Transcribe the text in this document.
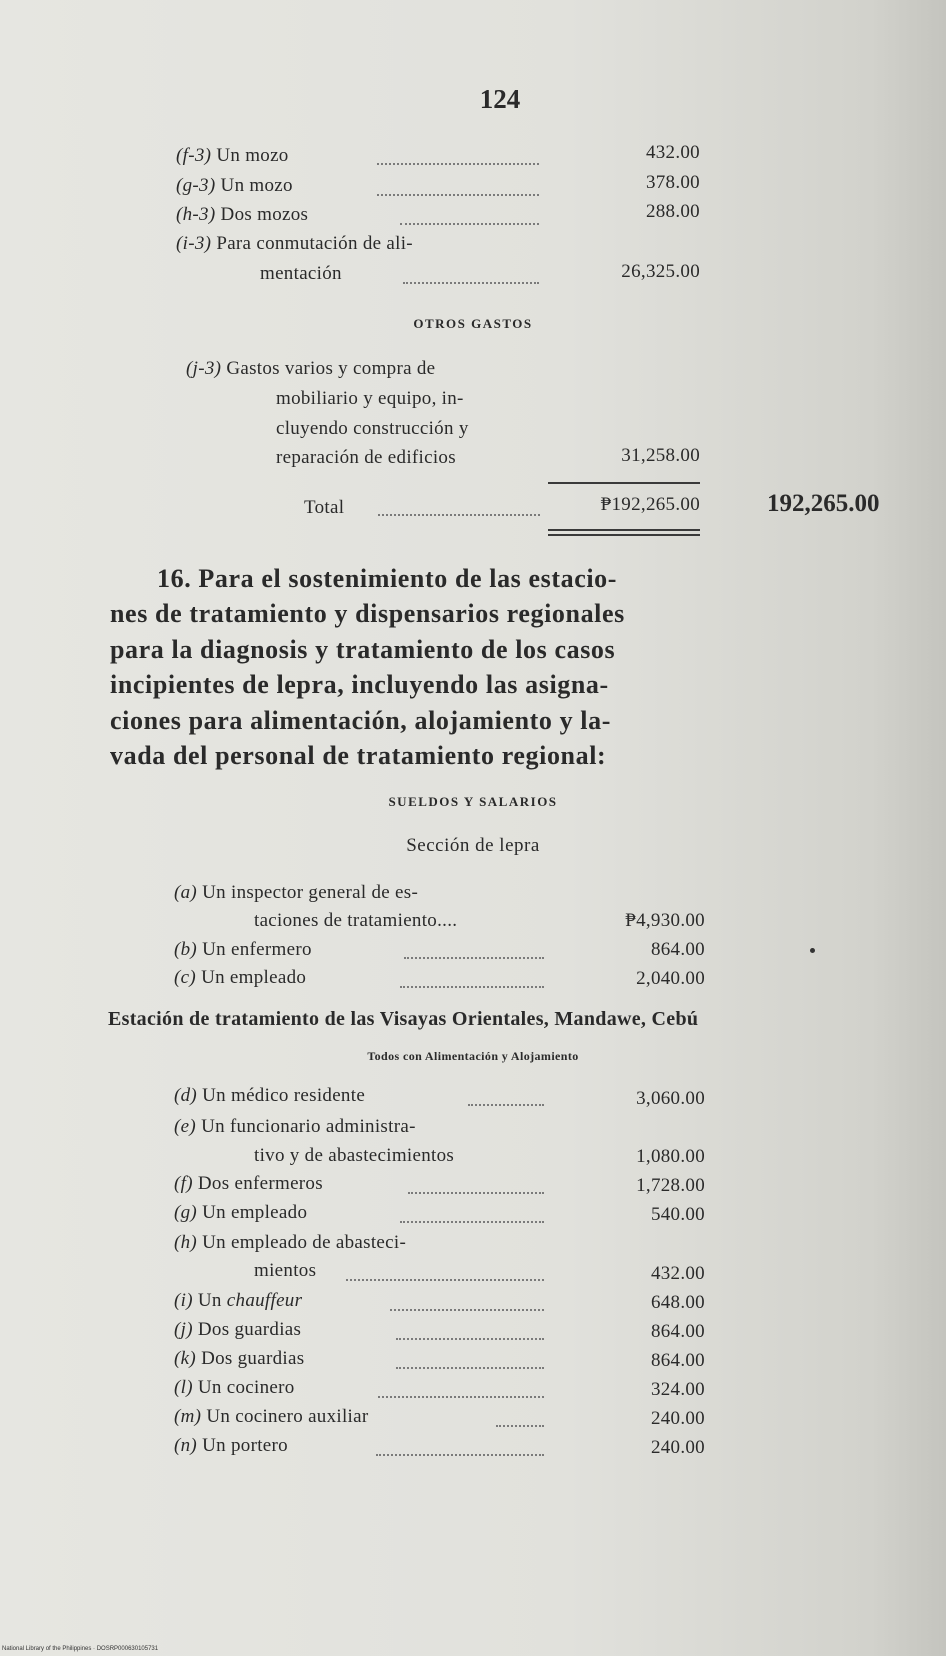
124
(f-3) Un mozo	432.00
(g-3) Un mozo	378.00
(h-3) Dos mozos	288.00
(i-3) Para conmutación de ali-
mentación	26,325.00
OTROS GASTOS
(j-3) Gastos varios y compra de
mobiliario y equipo, in-
cluyendo construcción y
reparación de edificios	31,258.00
Total	₱192,265.00	192,265.00
16. Para el sostenimiento de las estacio-
nes de tratamiento y dispensarios regionales
para la diagnosis y tratamiento de los casos
incipientes de lepra, incluyendo las asigna-
ciones para alimentación, alojamiento y la-
vada del personal de tratamiento regional:
SUELDOS Y SALARIOS
Sección de lepra
(a) Un inspector general de es-
taciones de tratamiento....	₱4,930.00
(b) Un enfermero	864.00
(c) Un empleado	2,040.00
Estación de tratamiento de las Visayas Orientales, Mandawe, Cebú
Todos con Alimentación y Alojamiento
(d) Un médico residente	3,060.00
(e) Un funcionario administra-
tivo y de abastecimientos	1,080.00
(f) Dos enfermeros	1,728.00
(g) Un empleado	540.00
(h) Un empleado de abasteci-
mientos	432.00
(i) Un chauffeur	648.00
(j) Dos guardias	864.00
(k) Dos guardias	864.00
(l) Un cocinero	324.00
(m) Un cocinero auxiliar	240.00
(n) Un portero	240.00
National Library of the Philippines · DOSRP000630105731
